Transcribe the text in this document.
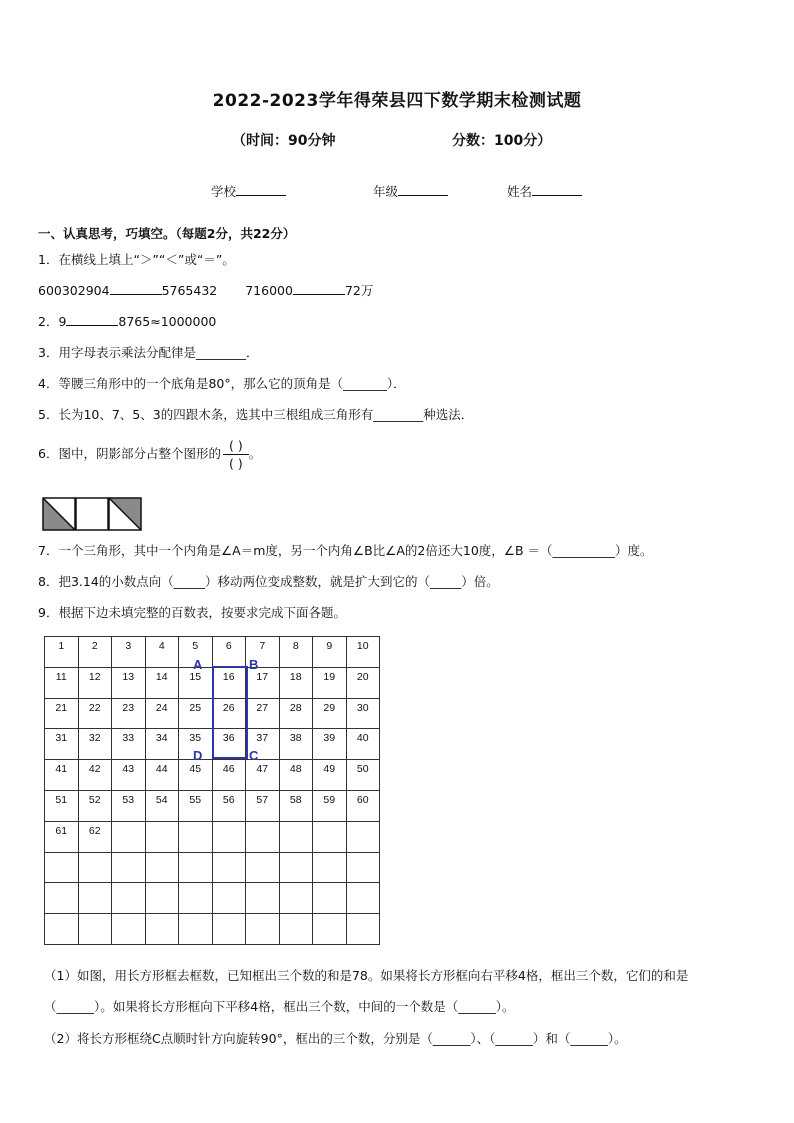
2022-2023学年得荣县四下数学期末检测试题
（时间：90分钟	分数：100分）
学校	年级	姓名
一、认真思考，巧填空。（每题2分，共22分）
1．在横线上填上“＞”“＜”或“＝”。
600302904	5765432 716000	72万
2．9	8765≈1000000
3．用字母表示乘法分配律是________．
4．等腰三角形中的一个底角是80°，那么它的顶角是（_______）．
5．长为10、7、5、3的四跟木条，选其中三根组成三角形有________种选法．
6．图中，阴影部分占整个图形的 $\frac{( )}{( )}$ 。
7．一个三角形，其中一个内角是∠A＝m度，另一个内角∠B比∠A的2倍还大10度，∠B ＝（__________）度。
8．把3.14的小数点向（_____）移动两位变成整数，就是扩大到它的（_____）倍。
9．根据下边未填完整的百数表，按要求完成下面各题。
1	2	3	4	5	6	7	8	9	10

11	12	13	14	15	16	17	18	19	20

21	22	23	24	25	26	27	28	29	30

31	32	33	34	35	36	37	38	39	40

41	42	43	44	45	46	47	48	49	50

51	52	53	54	55	56	57	58	59	60

61	62								

A	B
D	C
（1）如图，用长方形框去框数，已知框出三个数的和是78。如果将长方形框向右平移4格，框出三个数，它们的和是
（______）。如果将长方形框向下平移4格，框出三个数，中间的一个数是（______）。
（2）将长方形框绕C点顺时针方向旋转90°，框出的三个数，分别是（______）、（______）和（______）。
